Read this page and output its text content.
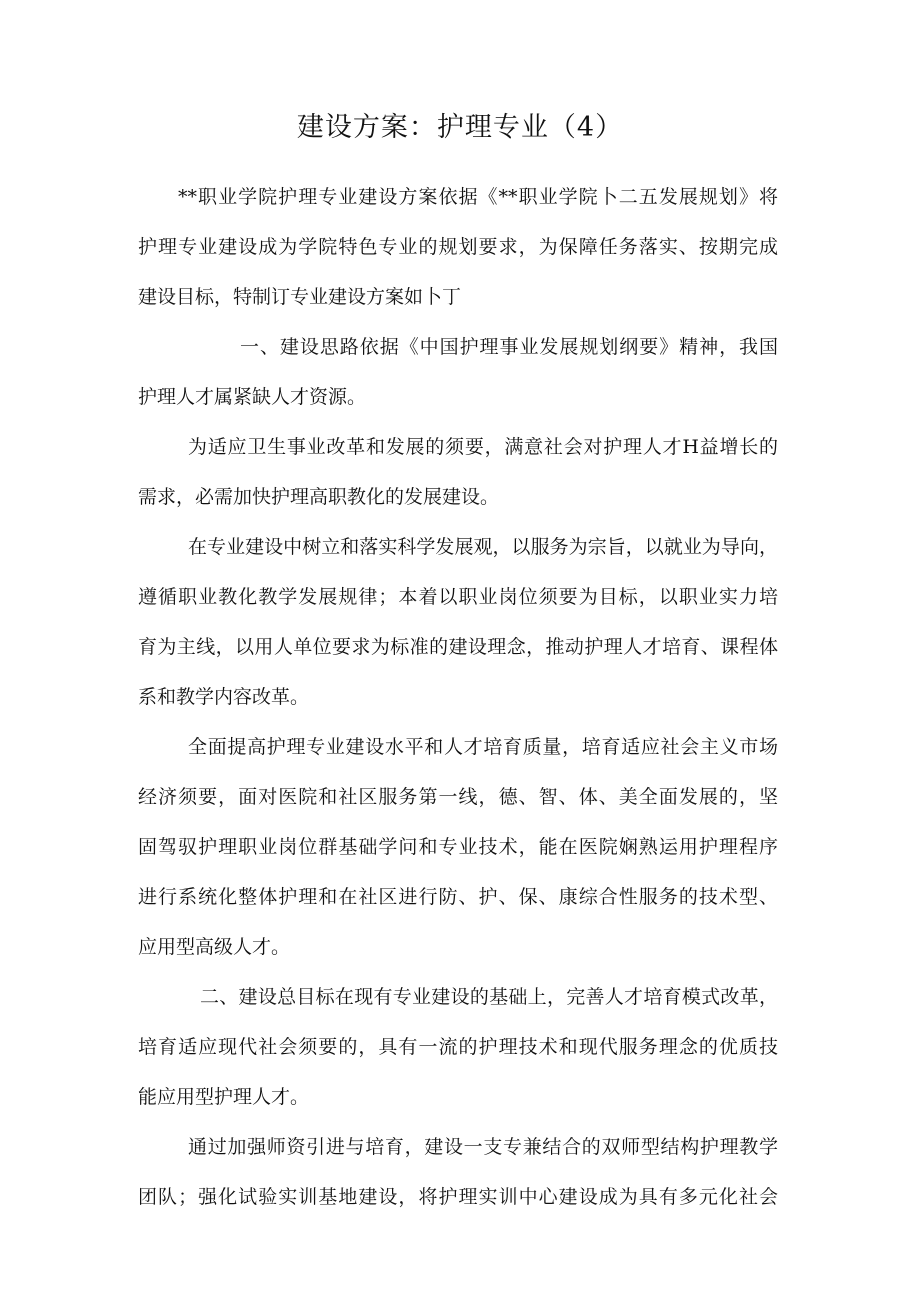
建设方案：护理专业（4）

**职业学院护理专业建设方案依据《**职业学院卜二五发展规划》将

护理专业建设成为学院特色专业的规划要求，为保障任务落实、按期完成

建设目标，特制订专业建设方案如卜丁

一、建设思路依据《中国护理事业发展规划纲要》精神，我国

护理人才属紧缺人才资源。

为适应卫生事业改革和发展的须要，满意社会对护理人才H益增长的

需求，必需加快护理高职教化的发展建设。

在专业建设中树立和落实科学发展观，以服务为宗旨，以就业为导向，

遵循职业教化教学发展规律；本着以职业岗位须要为目标，以职业实力培

育为主线，以用人单位要求为标准的建设理念，推动护理人才培育、课程体

系和教学内容改革。

全面提高护理专业建设水平和人才培育质量，培育适应社会主义市场

经济须要，面对医院和社区服务第一线，德、智、体、美全面发展的，坚

固驾驭护理职业岗位群基础学问和专业技术，能在医院娴熟运用护理程序

进行系统化整体护理和在社区进行防、护、保、康综合性服务的技术型、

应用型高级人才。

二、建设总目标在现有专业建设的基础上，完善人才培育模式改革，

培育适应现代社会须要的，具有一流的护理技术和现代服务理念的优质技

能应用型护理人才。

通过加强师资引进与培育，建设一支专兼结合的双师型结构护理教学

团队；强化试验实训基地建设，将护理实训中心建设成为具有多元化社会
